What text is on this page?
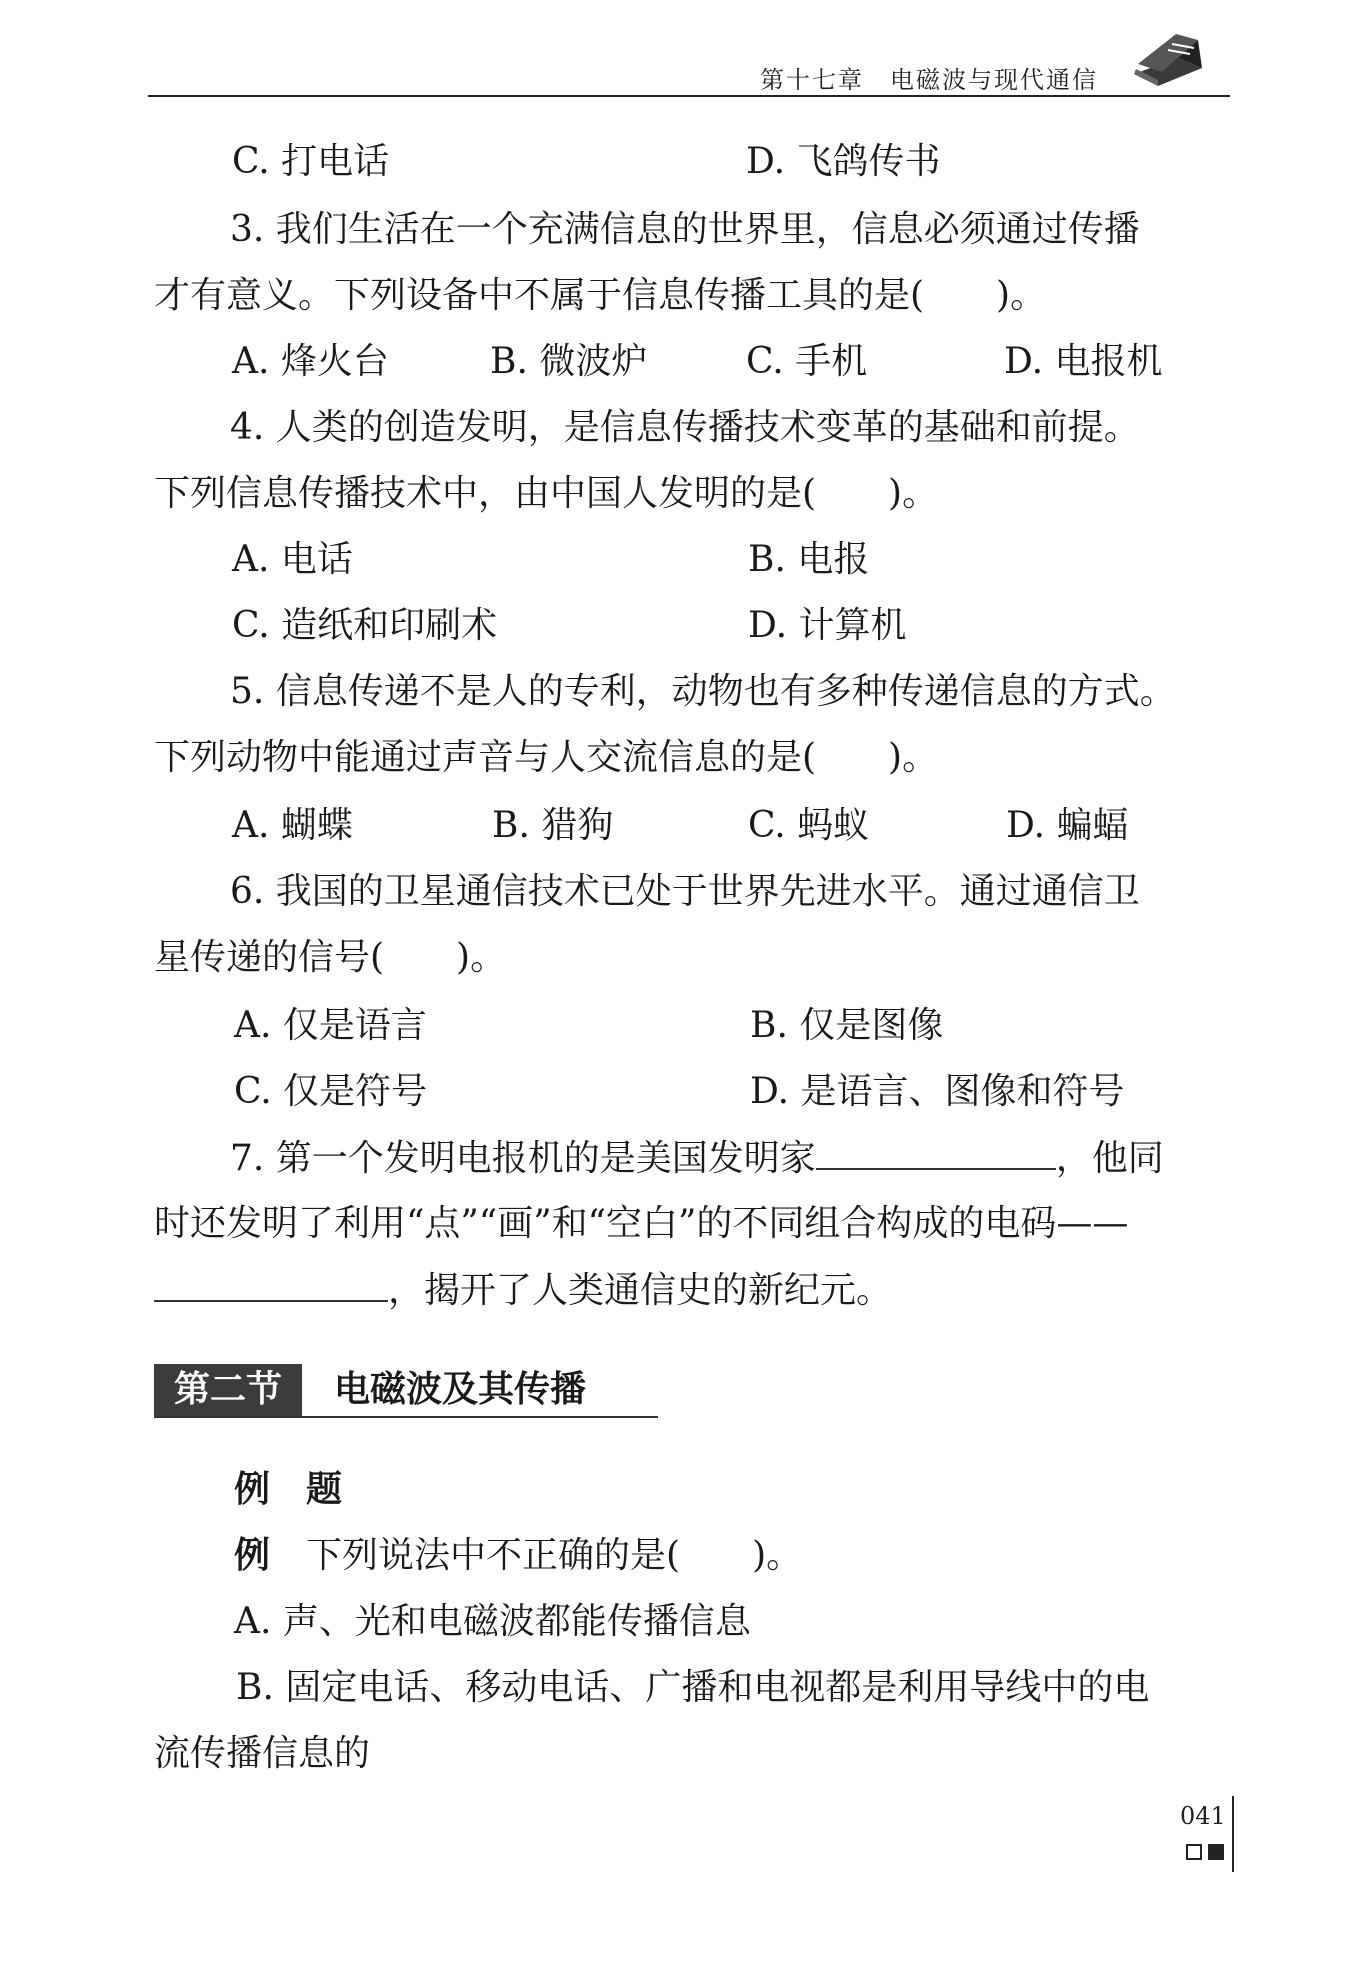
第十七章　电磁波与现代通信
C. 打电话	D. 飞鸽传书
3. 我们生活在一个充满信息的世界里，信息必须通过传播
才有意义。下列设备中不属于信息传播工具的是(　　)。
A. 烽火台	B. 微波炉	C. 手机	D. 电报机
4. 人类的创造发明，是信息传播技术变革的基础和前提。
下列信息传播技术中，由中国人发明的是(　　)。
A. 电话	B. 电报
C. 造纸和印刷术	D. 计算机
5. 信息传递不是人的专利，动物也有多种传递信息的方式。
下列动物中能通过声音与人交流信息的是(　　)。
A. 蝴蝶	B. 猎狗	C. 蚂蚁	D. 蝙蝠
6. 我国的卫星通信技术已处于世界先进水平。通过通信卫
星传递的信号(　　)。
A. 仅是语言	B. 仅是图像
C. 仅是符号	D. 是语言、图像和符号
7. 第一个发明电报机的是美国发明家	，他同
时还发明了利用“点”“画”和“空白”的不同组合构成的电码——
，揭开了人类通信史的新纪元。
第二节	电磁波及其传播
例　题
例　 下列说法中不正确的是(　　)。
A. 声、光和电磁波都能传播信息
B. 固定电话、移动电话、广播和电视都是利用导线中的电
流传播信息的
041
